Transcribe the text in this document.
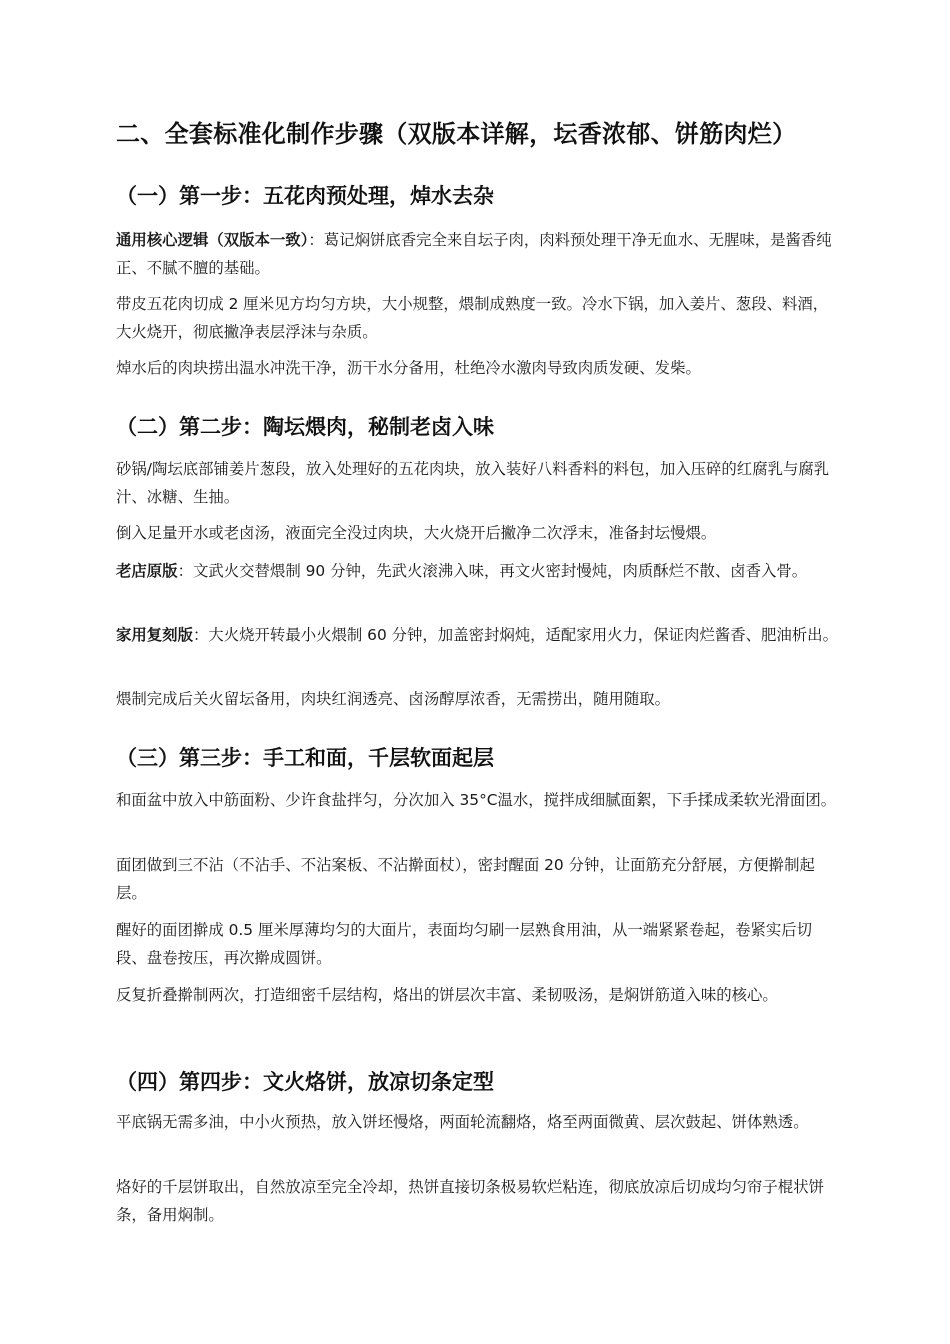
二、全套标准化制作步骤（双版本详解，坛香浓郁、饼筋肉烂）
（一）第一步：五花肉预处理，焯水去杂
通用核心逻辑（双版本一致）：葛记焖饼底香完全来自坛子肉，肉料预处理干净无血水、无腥味，是酱香纯正、不腻不膻的基础。
带皮五花肉切成 2 厘米见方均匀方块，大小规整，煨制成熟度一致。冷水下锅，加入姜片、葱段、料酒，大火烧开，彻底撇净表层浮沫与杂质。
焯水后的肉块捞出温水冲洗干净，沥干水分备用，杜绝冷水激肉导致肉质发硬、发柴。
（二）第二步：陶坛煨肉，秘制老卤入味
砂锅/陶坛底部铺姜片葱段，放入处理好的五花肉块，放入装好八料香料的料包，加入压碎的红腐乳与腐乳汁、冰糖、生抽。
倒入足量开水或老卤汤，液面完全没过肉块，大火烧开后撇净二次浮末，准备封坛慢煨。
老店原版：文武火交替煨制 90 分钟，先武火滚沸入味，再文火密封慢炖，肉质酥烂不散、卤香入骨。
家用复刻版：大火烧开转最小火煨制 60 分钟，加盖密封焖炖，适配家用火力，保证肉烂酱香、肥油析出。
煨制完成后关火留坛备用，肉块红润透亮、卤汤醇厚浓香，无需捞出，随用随取。
（三）第三步：手工和面，千层软面起层
和面盆中放入中筋面粉、少许食盐拌匀，分次加入 35°C温水，搅拌成细腻面絮，下手揉成柔软光滑面团。
面团做到三不沾（不沾手、不沾案板、不沾擀面杖），密封醒面 20 分钟，让面筋充分舒展，方便擀制起层。
醒好的面团擀成 0.5 厘米厚薄均匀的大面片，表面均匀刷一层熟食用油，从一端紧紧卷起，卷紧实后切段、盘卷按压，再次擀成圆饼。
反复折叠擀制两次，打造细密千层结构，烙出的饼层次丰富、柔韧吸汤，是焖饼筋道入味的核心。
（四）第四步：文火烙饼，放凉切条定型
平底锅无需多油，中小火预热，放入饼坯慢烙，两面轮流翻烙，烙至两面微黄、层次鼓起、饼体熟透。
烙好的千层饼取出，自然放凉至完全冷却，热饼直接切条极易软烂粘连，彻底放凉后切成均匀帘子棍状饼条，备用焖制。
